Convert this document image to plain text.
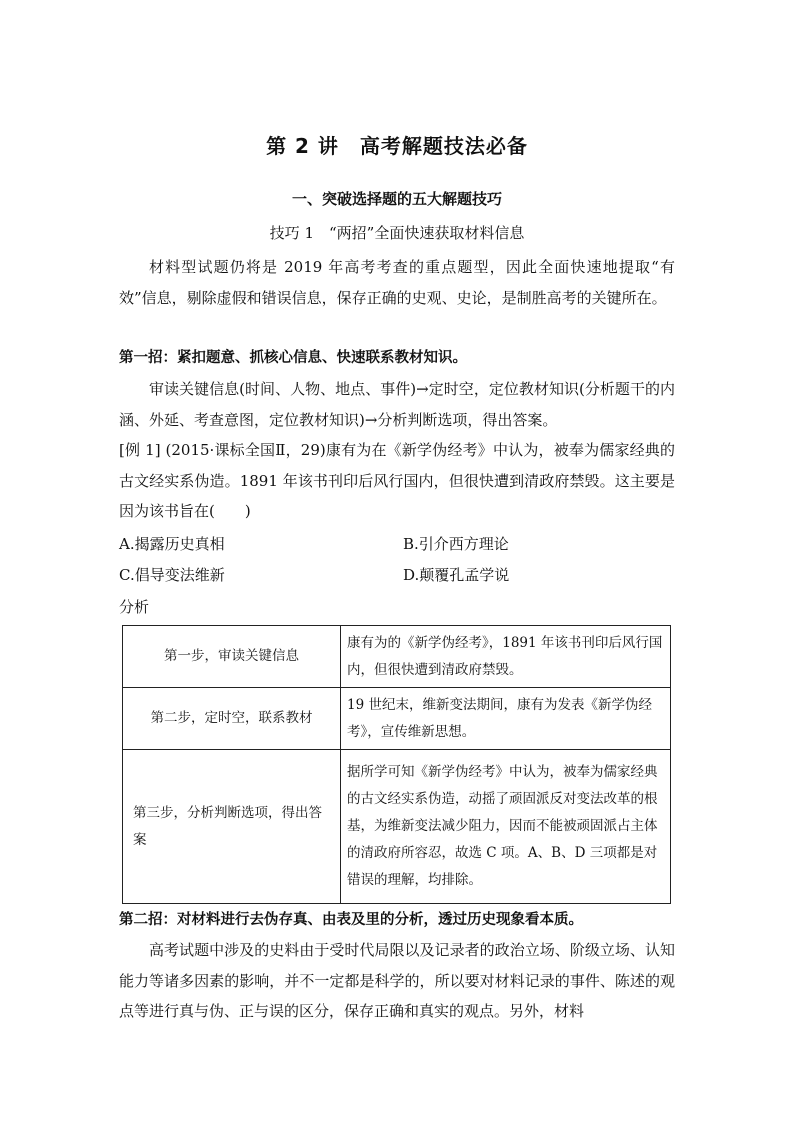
第 2 讲　高考解题技法必备
一、突破选择题的五大解题技巧
技巧 1　“两招”全面快速获取材料信息

材料型试题仍将是 2019 年高考考查的重点题型，因此全面快速地提取“有效”信息，剔除虚假和错误信息，保存正确的史观、史论，是制胜高考的关键所在。

第一招：紧扣题意、抓核心信息、快速联系教材知识。

审读关键信息(时间、人物、地点、事件)→定时空，定位教材知识(分析题干的内涵、外延、考查意图，定位教材知识)→分析判断选项，得出答案。

[例 1] (2015·课标全国Ⅱ，29)康有为在《新学伪经考》中认为，被奉为儒家经典的古文经实系伪造。1891 年该书刊印后风行国内，但很快遭到清政府禁毁。这主要是因为该书旨在(　　)

A.揭露历史真相	B.引介西方理论
C.倡导变法维新	D.颠覆孔孟学说
分析
第一步，审读关键信息	康有为的《新学伪经考》，1891 年该书刊印后风行国内，但很快遭到清政府禁毁。
第二步，定时空，联系教材	19 世纪末，维新变法期间，康有为发表《新学伪经考》，宣传维新思想。
第三步，分析判断选项，得出答案	据所学可知《新学伪经考》中认为，被奉为儒家经典的古文经实系伪造，动摇了顽固派反对变法改革的根基，为维新变法减少阻力，因而不能被顽固派占主体的清政府所容忍，故选 C 项。A、B、D 三项都是对错误的理解，均排除。
第二招：对材料进行去伪存真、由表及里的分析，透过历史现象看本质。

高考试题中涉及的史料由于受时代局限以及记录者的政治立场、阶级立场、认知能力等诸多因素的影响，并不一定都是科学的，所以要对材料记录的事件、陈述的观点等进行真与伪、正与误的区分，保存正确和真实的观点。另外，材料
